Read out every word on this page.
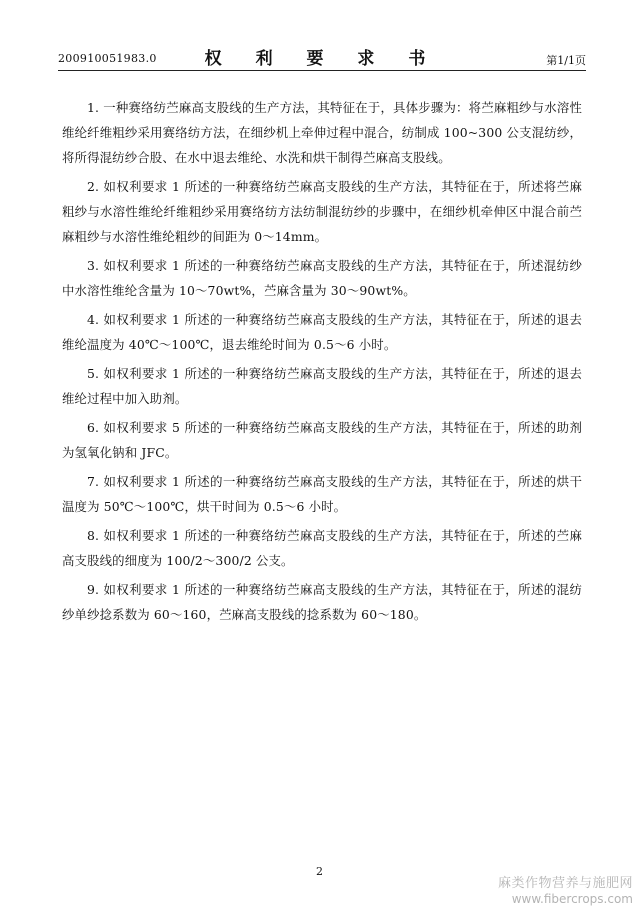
200910051983.0	权 利 要 求 书	第1/1页

1. 一种赛络纺苎麻高支股线的生产方法，其特征在于，具体步骤为：将苎麻粗纱与水溶性维纶纤维粗纱采用赛络纺方法，在细纱机上牵伸过程中混合，纺制成 100~300 公支混纺纱，将所得混纺纱合股、在水中退去维纶、水洗和烘干制得苎麻高支股线。

2. 如权利要求 1 所述的一种赛络纺苎麻高支股线的生产方法，其特征在于，所述将苎麻粗纱与水溶性维纶纤维粗纱采用赛络纺方法纺制混纺纱的步骤中，在细纱机牵伸区中混合前苎麻粗纱与水溶性维纶粗纱的间距为 0～14mm。

3. 如权利要求 1 所述的一种赛络纺苎麻高支股线的生产方法，其特征在于，所述混纺纱中水溶性维纶含量为 10～70wt%，苎麻含量为 30～90wt%。

4. 如权利要求 1 所述的一种赛络纺苎麻高支股线的生产方法，其特征在于，所述的退去维纶温度为 40℃～100℃，退去维纶时间为 0.5～6 小时。

5. 如权利要求 1 所述的一种赛络纺苎麻高支股线的生产方法，其特征在于，所述的退去维纶过程中加入助剂。

6. 如权利要求 5 所述的一种赛络纺苎麻高支股线的生产方法，其特征在于，所述的助剂为氢氧化钠和 JFC。

7. 如权利要求 1 所述的一种赛络纺苎麻高支股线的生产方法，其特征在于，所述的烘干温度为 50℃～100℃，烘干时间为 0.5～6 小时。

8. 如权利要求 1 所述的一种赛络纺苎麻高支股线的生产方法，其特征在于，所述的苎麻高支股线的细度为 100/2～300/2 公支。

9. 如权利要求 1 所述的一种赛络纺苎麻高支股线的生产方法，其特征在于，所述的混纺纱单纱捻系数为 60～160，苎麻高支股线的捻系数为 60～180。

2
麻类作物营养与施肥网
www.fibercrops.com
